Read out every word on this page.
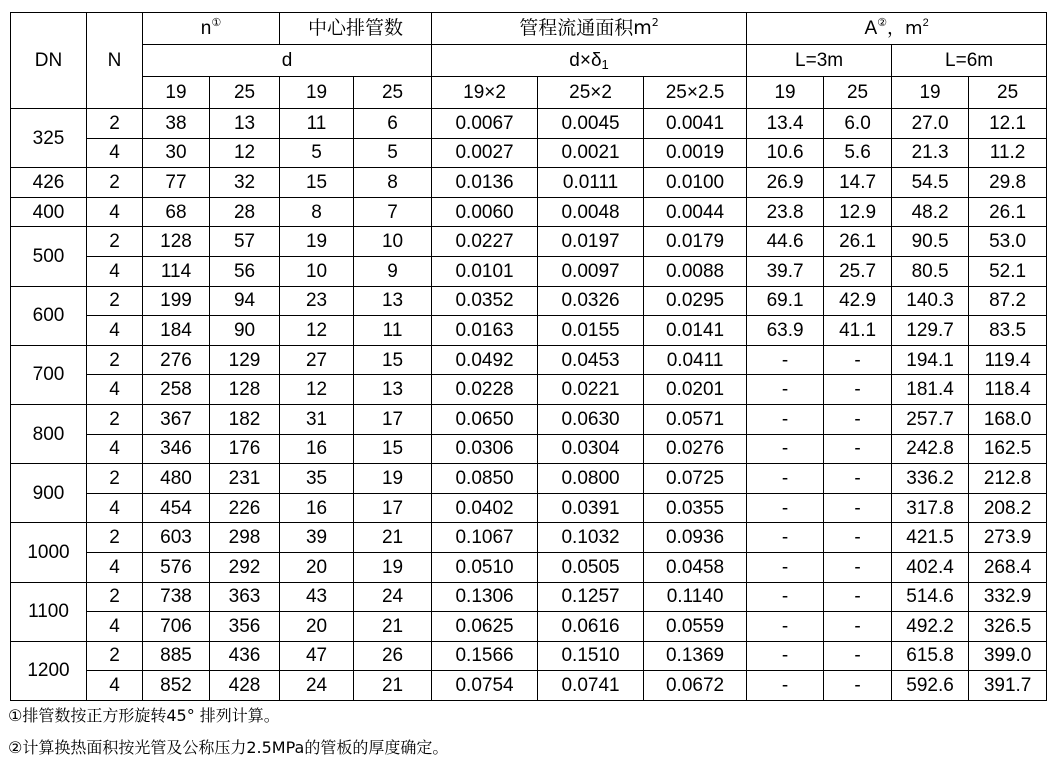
DN	N	n①		中心排管数		管程流通面积$m^2$			A②，$m^2$
		d				d×δ1			L=3m		L=6m	
		19	25	19	25	19×2	25×2	25×2.5	19	25	19	25
325	2	38	13	11	6	0.0067	0.0045	0.0041	13.4	6.0	27.0	12.1
	4	30	12	5	5	0.0027	0.0021	0.0019	10.6	5.6	21.3	11.2
426	2	77	32	15	8	0.0136	0.0111	0.0100	26.9	14.7	54.5	29.8
400	4	68	28	8	7	0.0060	0.0048	0.0044	23.8	12.9	48.2	26.1
500	2	128	57	19	10	0.0227	0.0197	0.0179	44.6	26.1	90.5	53.0
	4	114	56	10	9	0.0101	0.0097	0.0088	39.7	25.7	80.5	52.1
600	2	199	94	23	13	0.0352	0.0326	0.0295	69.1	42.9	140.3	87.2
	4	184	90	12	11	0.0163	0.0155	0.0141	63.9	41.1	129.7	83.5
700	2	276	129	27	15	0.0492	0.0453	0.0411	-	-	194.1	119.4
	4	258	128	12	13	0.0228	0.0221	0.0201	-	-	181.4	118.4
800	2	367	182	31	17	0.0650	0.0630	0.0571	-	-	257.7	168.0
	4	346	176	16	15	0.0306	0.0304	0.0276	-	-	242.8	162.5
900	2	480	231	35	19	0.0850	0.0800	0.0725	-	-	336.2	212.8
	4	454	226	16	17	0.0402	0.0391	0.0355	-	-	317.8	208.2
1000	2	603	298	39	21	0.1067	0.1032	0.0936	-	-	421.5	273.9
	4	576	292	20	19	0.0510	0.0505	0.0458	-	-	402.4	268.4
1100	2	738	363	43	24	0.1306	0.1257	0.1140	-	-	514.6	332.9
	4	706	356	20	21	0.0625	0.0616	0.0559	-	-	492.2	326.5
1200	2	885	436	47	26	0.1566	0.1510	0.1369	-	-	615.8	399.0
	4	852	428	24	21	0.0754	0.0741	0.0672	-	-	592.6	391.7
①排管数按正方形旋转45° 排列计算。
②计算换热面积按光管及公称压力2.5MPa的管板的厚度确定。
